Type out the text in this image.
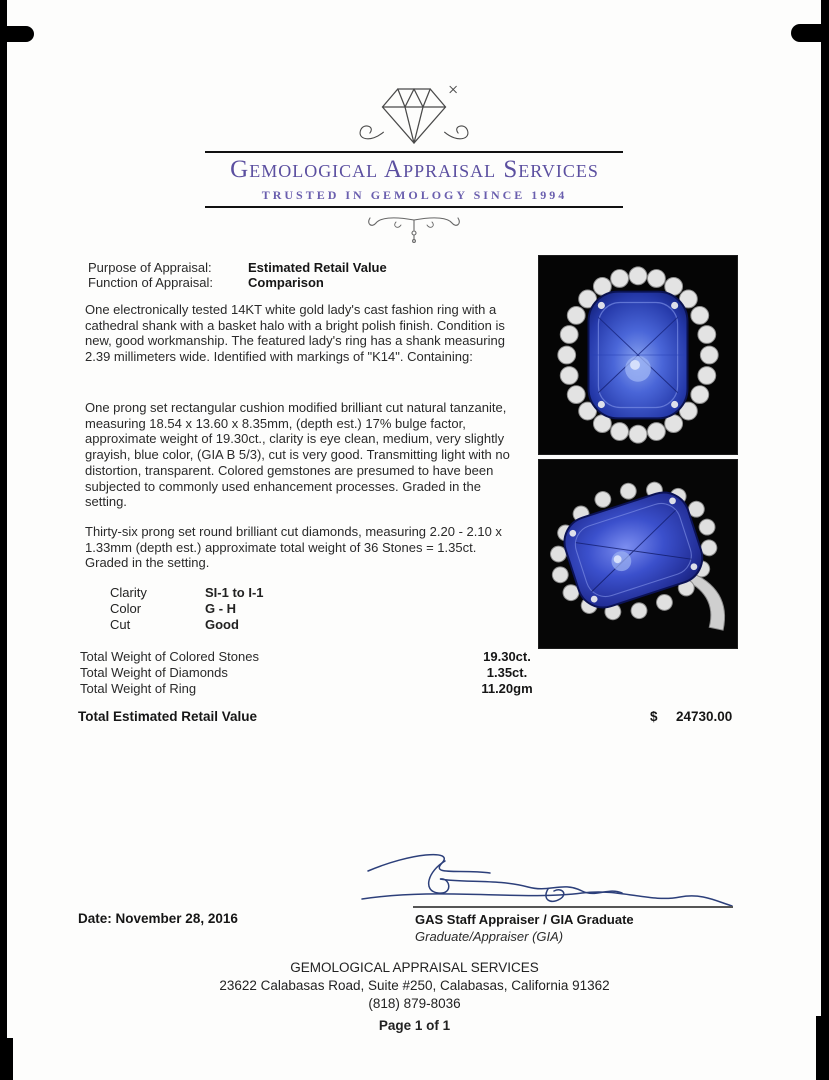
Gemological Appraisal Services
TRUSTED IN GEMOLOGY SINCE 1994
Purpose of Appraisal:	Estimated Retail Value
Function of Appraisal:	Comparison
One electronically tested 14KT white gold lady's cast fashion ring with a cathedral shank with a basket halo with a bright polish finish. Condition is new, good workmanship. The featured lady's ring has a shank measuring 2.39 millimeters wide. Identified with markings of "K14". Containing:
One prong set rectangular cushion modified brilliant cut natural tanzanite, measuring 18.54 x 13.60 x 8.35mm, (depth est.) 17% bulge factor, approximate weight of 19.30ct., clarity is eye clean, medium, very slightly grayish, blue color, (GIA B 5/3), cut is very good. Transmitting light with no distortion, transparent. Colored gemstones are presumed to have been subjected to commonly used enhancement processes. Graded in the setting.
Thirty-six prong set round brilliant cut diamonds, measuring 2.20 - 2.10 x 1.33mm (depth est.) approximate total weight of 36 Stones = 1.35ct. Graded in the setting.
Clarity	SI-1 to I-1
Color	G - H
Cut	Good
Total Weight of Colored Stones	19.30ct.
Total Weight of Diamonds	1.35ct.
Total Weight of Ring	11.20gm
Total Estimated Retail Value	$ 24730.00
Date: November 28, 2016	GAS Staff Appraiser / GIA Graduate
Graduate/Appraiser (GIA)
GEMOLOGICAL APPRAISAL SERVICES
23622 Calabasas Road, Suite #250, Calabasas, California 91362
(818) 879-8036
Page 1 of 1
